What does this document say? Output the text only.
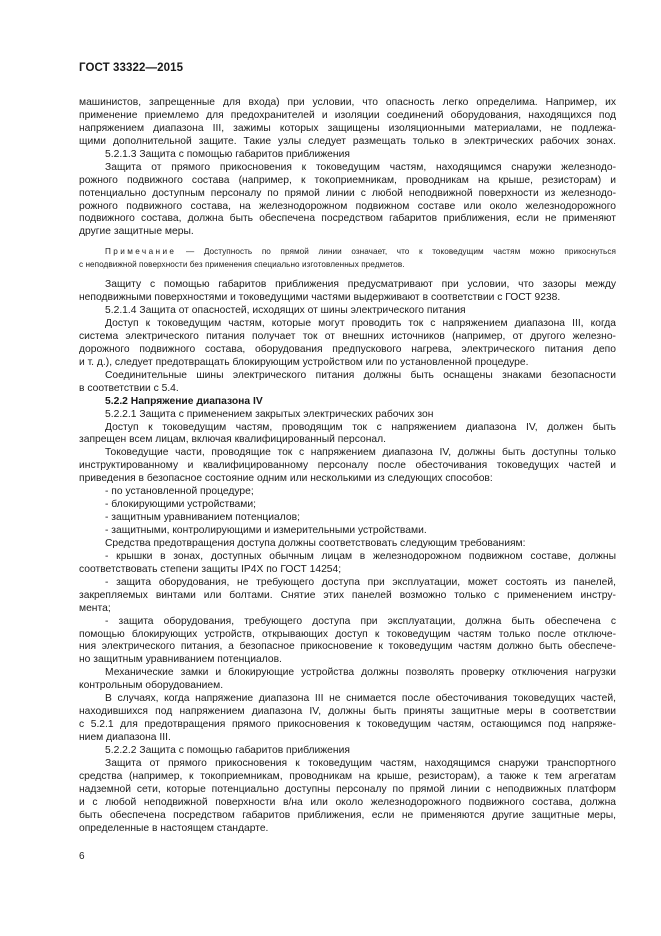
ГОСТ 33322—2015
машинистов, запрещенные для входа) при условии, что опасность легко определима. Например, их
применение приемлемо для предохранителей и изоляции соединений оборудования, находящихся под
напряжением диапазона III, зажимы которых защищены изоляционными материалами, не подлежа-
щими дополнительной защите. Такие узлы следует размещать только в электрических рабочих зонах.
5.2.1.3 Защита с помощью габаритов приближения
Защита от прямого прикосновения к токоведущим частям, находящимся снаружи железнодо-
рожного подвижного состава (например, к токоприемникам, проводникам на крыше, резисторам) и
потенциально доступным персоналу по прямой линии с любой неподвижной поверхности из железнодо-
рожного подвижного состава, на железнодорожном подвижном составе или около железнодорожного
подвижного состава, должна быть обеспечена посредством габаритов приближения, если не применяют
другие защитные меры.
Примечание — Доступность по прямой линии означает, что к токоведущим частям можно прикоснуться
с неподвижной поверхности без применения специально изготовленных предметов.
Защиту с помощью габаритов приближения предусматривают при условии, что зазоры между
неподвижными поверхностями и токоведущими частями выдерживают в соответствии с ГОСТ 9238.
5.2.1.4 Защита от опасностей, исходящих от шины электрического питания
Доступ к токоведущим частям, которые могут проводить ток с напряжением диапазона III, когда
система электрического питания получает ток от внешних источников (например, от другого железно-
дорожного подвижного состава, оборудования предпускового нагрева, электрического питания депо
и т. д.), следует предотвращать блокирующим устройством или по установленной процедуре.
Соединительные шины электрического питания должны быть оснащены знаками безопасности
в соответствии с 5.4.
5.2.2 Напряжение диапазона IV
5.2.2.1 Защита с применением закрытых электрических рабочих зон
Доступ к токоведущим частям, проводящим ток с напряжением диапазона IV, должен быть
запрещен всем лицам, включая квалифицированный персонал.
Токоведущие части, проводящие ток с напряжением диапазона IV, должны быть доступны только
инструктированному и квалифицированному персоналу после обесточивания токоведущих частей и
приведения в безопасное состояние одним или несколькими из следующих способов:
- по установленной процедуре;
- блокирующими устройствами;
- защитным уравниванием потенциалов;
- защитными, контролирующими и измерительными устройствами.
Средства предотвращения доступа должны соответствовать следующим требованиям:
- крышки в зонах, доступных обычным лицам в железнодорожном подвижном составе, должны
соответствовать степени защиты IP4X по ГОСТ 14254;
- защита оборудования, не требующего доступа при эксплуатации, может состоять из панелей,
закрепляемых винтами или болтами. Снятие этих панелей возможно только с применением инстру-
мента;
- защита оборудования, требующего доступа при эксплуатации, должна быть обеспечена с
помощью блокирующих устройств, открывающих доступ к токоведущим частям только после отключе-
ния электрического питания, а безопасное прикосновение к токоведущим частям должно быть обеспече-
но защитным уравниванием потенциалов.
Механические замки и блокирующие устройства должны позволять проверку отключения нагрузки
контрольным оборудованием.
В случаях, когда напряжение диапазона III не снимается после обесточивания токоведущих частей,
находившихся под напряжением диапазона IV, должны быть приняты защитные меры в соответствии
с 5.2.1 для предотвращения прямого прикосновения к токоведущим частям, остающимся под напряже-
нием диапазона III.
5.2.2.2 Защита с помощью габаритов приближения
Защита от прямого прикосновения к токоведущим частям, находящимся снаружи транспортного
средства (например, к токоприемникам, проводникам на крыше, резисторам), а также к тем агрегатам
надземной сети, которые потенциально доступны персоналу по прямой линии с неподвижных платформ
и с любой неподвижной поверхности в/на или около железнодорожного подвижного состава, должна
быть обеспечена посредством габаритов приближения, если не применяются другие защитные меры,
определенные в настоящем стандарте.
6
